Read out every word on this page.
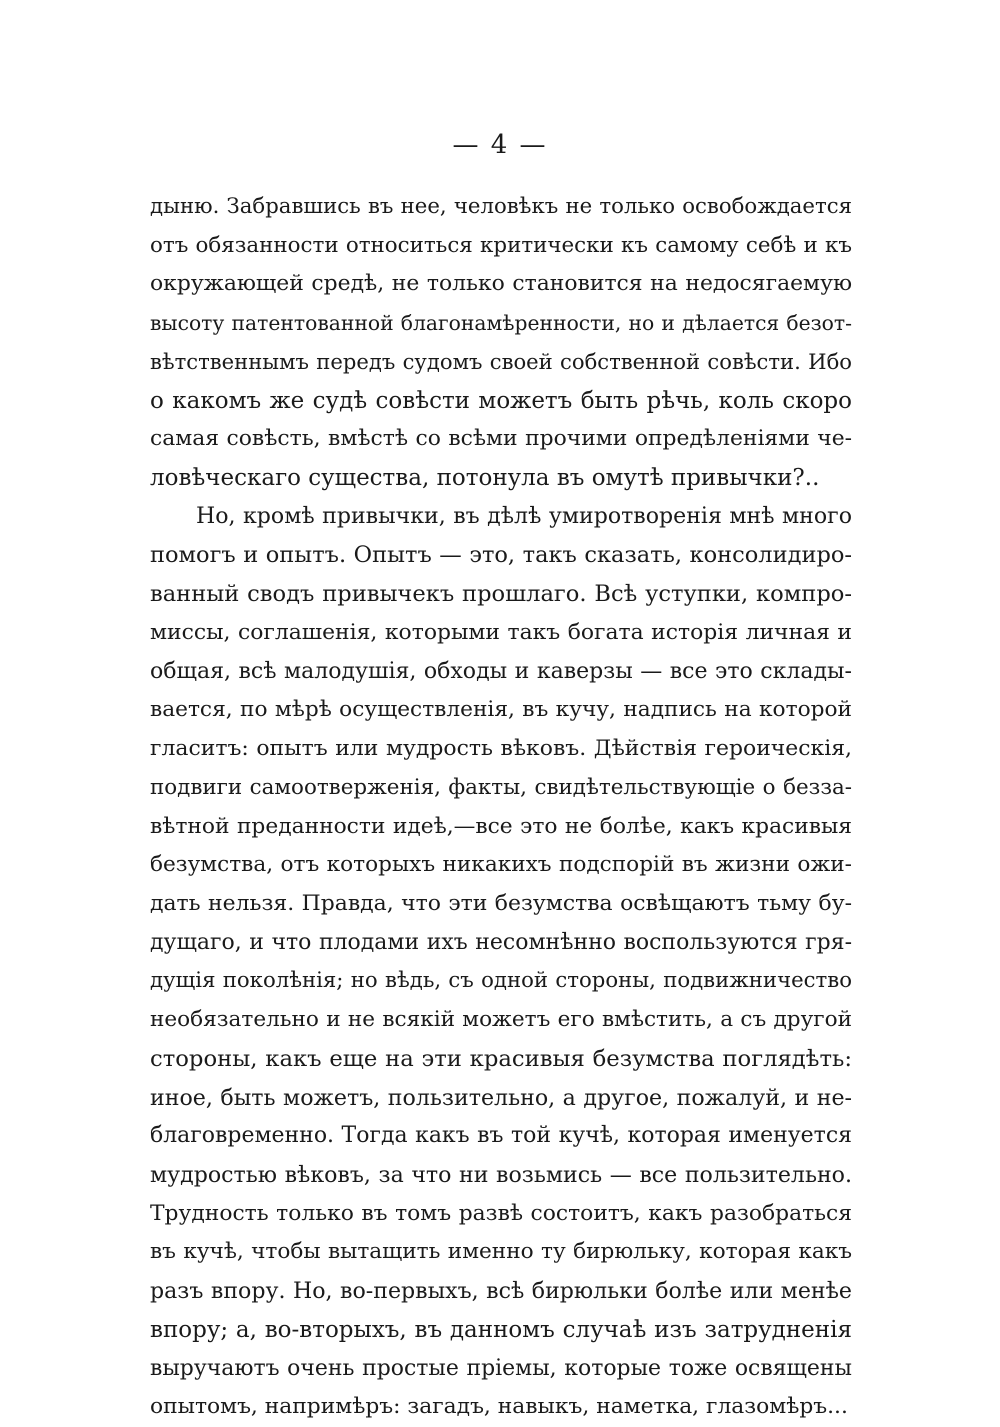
— 4 —
дыню. Забравшись въ нее, человѣкъ не только освобождается
отъ обязанности относиться критически къ самому себѣ и къ
окружающей средѣ, не только становится на недосягаемую
высоту патентованной благонамѣренности, но и дѣлается безот-
вѣтственнымъ передъ судомъ своей собственной совѣсти. Ибо
о какомъ же судѣ совѣсти можетъ быть рѣчь, коль скоро
самая совѣсть, вмѣстѣ со всѣми прочими опредѣленіями че-
ловѣческаго существа, потонула въ омутѣ привычки?..
Но, кромѣ привычки, въ дѣлѣ умиротворенія мнѣ много
помогъ и опытъ. Опытъ — это, такъ сказать, консолидиро-
ванный сводъ привычекъ прошлаго. Всѣ уступки, компро-
миссы, соглашенія, которыми такъ богата исторія личная и
общая, всѣ малодушія, обходы и каверзы — все это склады-
вается, по мѣрѣ осуществленія, въ кучу, надпись на которой
гласитъ: опытъ или мудрость вѣковъ. Дѣйствія героическія,
подвиги самоотверженія, факты, свидѣтельствующіе о безза-
вѣтной преданности идеѣ,—все это не болѣе, какъ красивыя
безумства, отъ которыхъ никакихъ подспорій въ жизни ожи-
дать нельзя. Правда, что эти безумства освѣщаютъ тьму бу-
дущаго, и что плодами ихъ несомнѣнно воспользуются гря-
дущія поколѣнія; но вѣдь, съ одной стороны, подвижничество
необязательно и не всякій можетъ его вмѣстить, а съ другой
стороны, какъ еще на эти красивыя безумства поглядѣть:
иное, быть можетъ, пользительно, а другое, пожалуй, и не-
благовременно. Тогда какъ въ той кучѣ, которая именуется
мудростью вѣковъ, за что ни возьмись — все пользительно.
Трудность только въ томъ развѣ состоитъ, какъ разобраться
въ кучѣ, чтобы вытащить именно ту бирюльку, которая какъ
разъ впору. Но, во-первыхъ, всѣ бирюльки болѣе или менѣе
впору; а, во-вторыхъ, въ данномъ случаѣ изъ затрудненія
выручаютъ очень простые пріемы, которые тоже освящены
опытомъ, напримѣръ: загадъ, навыкъ, наметка, глазомѣръ...
